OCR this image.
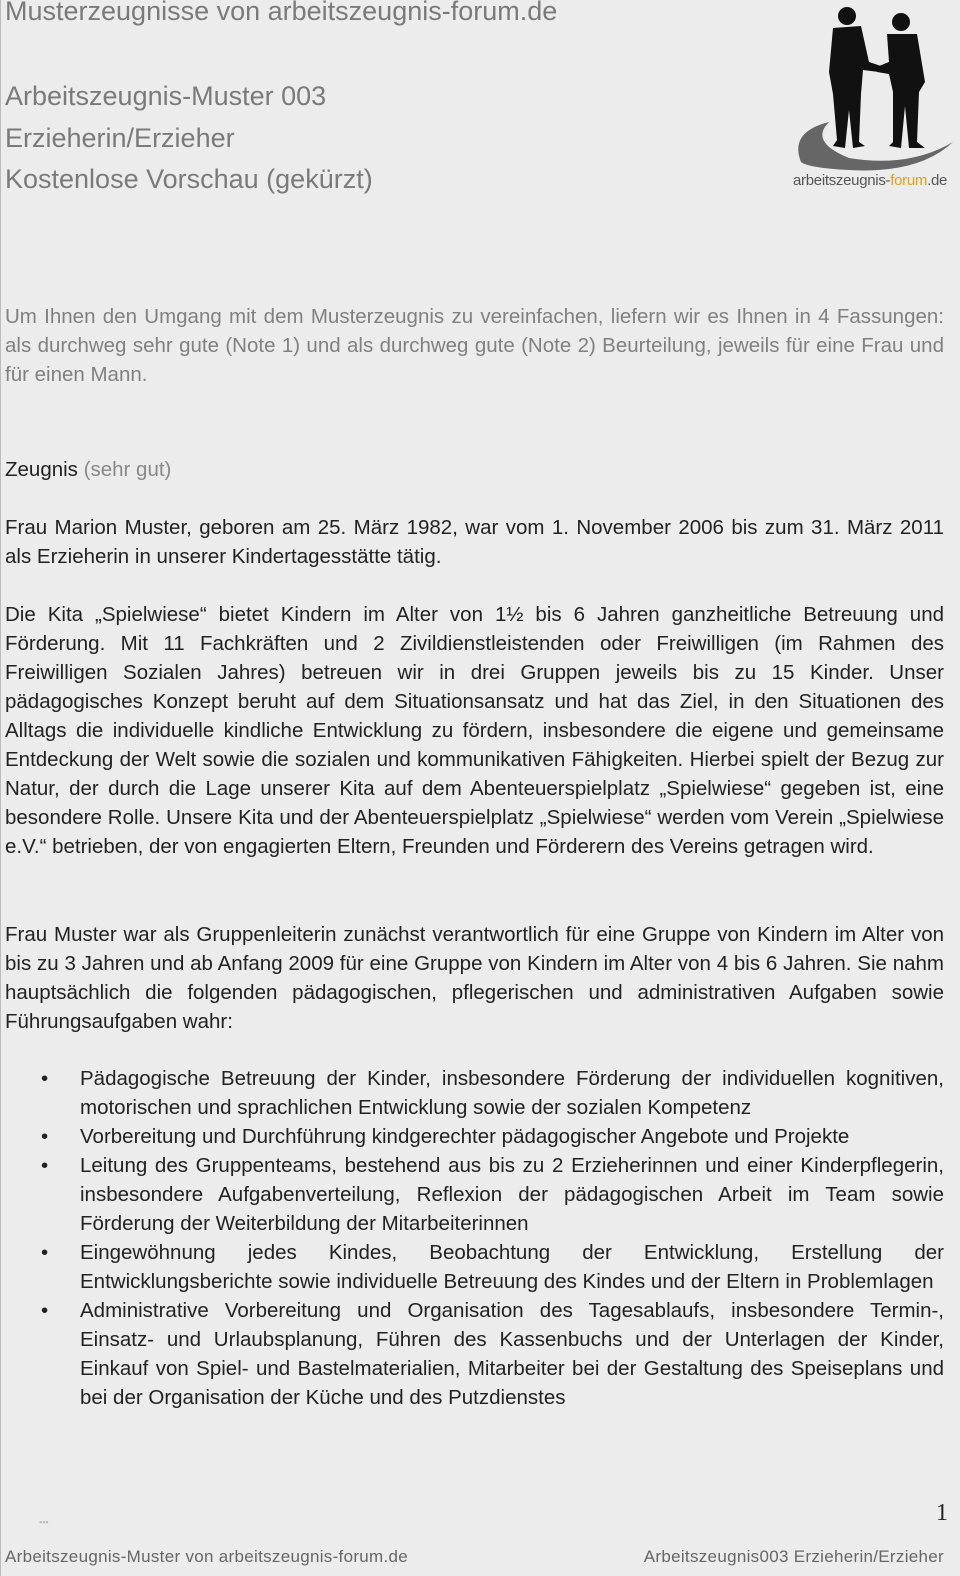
Musterzeugnisse von arbeitszeugnis-forum.de
Arbeitszeugnis-Muster 003
Erzieherin/Erzieher
Kostenlose Vorschau (gekürzt)	arbeitszeugnis-forum.de

Um Ihnen den Umgang mit dem Musterzeugnis zu vereinfachen, liefern wir es Ihnen in 4 Fassungen: als durchweg sehr gute (Note 1) und als durchweg gute (Note 2) Beurteilung, jeweils für eine Frau und für einen Mann.

Zeugnis (sehr gut)

Frau Marion Muster, geboren am 25. März 1982, war vom 1. November 2006 bis zum 31. März 2011 als Erzieherin in unserer Kindertagesstätte tätig.

Die Kita „Spielwiese“ bietet Kindern im Alter von 1½ bis 6 Jahren ganzheitliche Betreuung und Förderung. Mit 11 Fachkräften und 2 Zivildienstleistenden oder Freiwilligen (im Rahmen des Freiwilligen Sozialen Jahres) betreuen wir in drei Gruppen jeweils bis zu 15 Kinder. Unser pädagogisches Konzept beruht auf dem Situationsansatz und hat das Ziel, in den Situationen des Alltags die individuelle kindliche Entwicklung zu fördern, insbesondere die eigene und gemeinsame Entdeckung der Welt sowie die sozialen und kommunikativen Fähigkeiten. Hierbei spielt der Bezug zur Natur, der durch die Lage unserer Kita auf dem Abenteuerspielplatz „Spielwiese“ gegeben ist, eine besondere Rolle. Unsere Kita und der Abenteuerspielplatz „Spielwiese“ werden vom Verein „Spielwiese e.V.“ betrieben, der von engagierten Eltern, Freunden und Förderern des Vereins getragen wird.

Frau Muster war als Gruppenleiterin zunächst verantwortlich für eine Gruppe von Kindern im Alter von bis zu 3 Jahren und ab Anfang 2009 für eine Gruppe von Kindern im Alter von 4 bis 6 Jahren. Sie nahm hauptsächlich die folgenden pädagogischen, pflegerischen und administrativen Aufgaben sowie Führungsaufgaben wahr:

• Pädagogische Betreuung der Kinder, insbesondere Förderung der individuellen kognitiven, motorischen und sprachlichen Entwicklung sowie der sozialen Kompetenz
• Vorbereitung und Durchführung kindgerechter pädagogischer Angebote und Projekte
• Leitung des Gruppenteams, bestehend aus bis zu 2 Erzieherinnen und einer Kinderpflegerin, insbesondere Aufgabenverteilung, Reflexion der pädagogischen Arbeit im Team sowie Förderung der Weiterbildung der Mitarbeiterinnen
• Eingewöhnung jedes Kindes, Beobachtung der Entwicklung, Erstellung der Entwicklungsberichte sowie individuelle Betreuung des Kindes und der Eltern in Problemlagen
• Administrative Vorbereitung und Organisation des Tagesablaufs, insbesondere Termin-, Einsatz- und Urlaubsplanung, Führen des Kassenbuchs und der Unterlagen der Kinder, Einkauf von Spiel- und Bastelmaterialien, Mitarbeiter bei der Gestaltung des Speiseplans und bei der Organisation der Küche und des Putzdienstes
▪▪▪	1
Arbeitszeugnis-Muster von arbeitszeugnis-forum.de	Arbeitszeugnis003 Erzieherin/Erzieher
